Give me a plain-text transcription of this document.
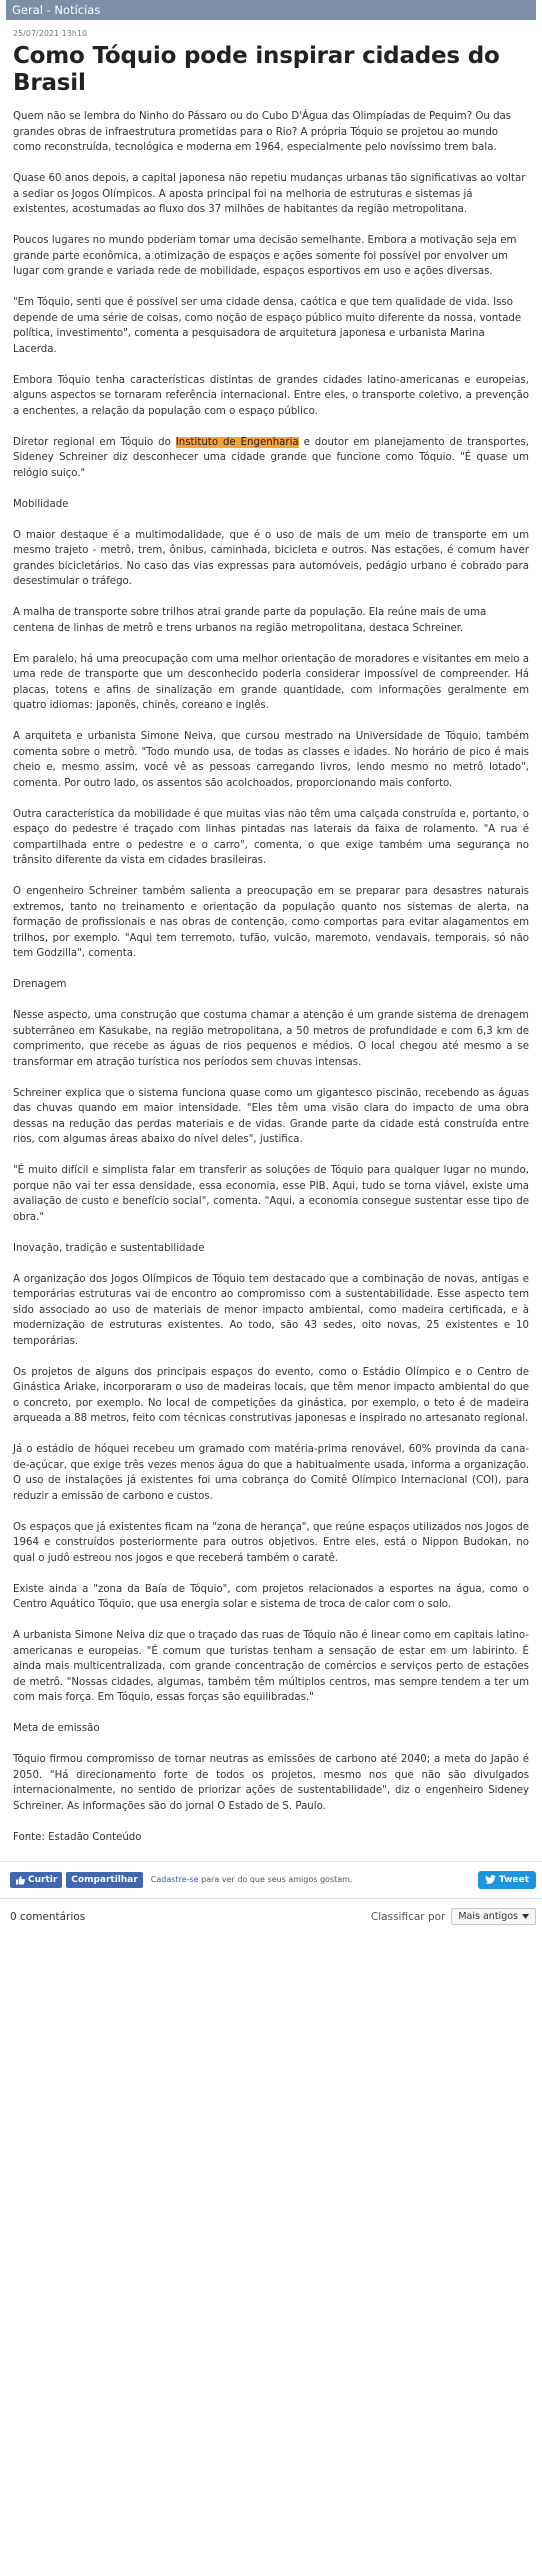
Geral - Notícias
25/07/2021 13h10
Como Tóquio pode inspirar cidades do Brasil

Quem não se lembra do Ninho do Pássaro ou do Cubo D'Água das Olimpíadas de Pequim? Ou das grandes obras de infraestrutura prometidas para o Rio? A própria Tóquio se projetou ao mundo como reconstruída, tecnológica e moderna em 1964, especialmente pelo novíssimo trem bala.

Quase 60 anos depois, a capital japonesa não repetiu mudanças urbanas tão significativas ao voltar a sediar os Jogos Olímpicos. A aposta principal foi na melhoria de estruturas e sistemas já existentes, acostumadas ao fluxo dos 37 milhões de habitantes da região metropolitana.

Poucos lugares no mundo poderiam tomar uma decisão semelhante. Embora a motivação seja em grande parte econômica, a otimização de espaços e ações somente foi possível por envolver um lugar com grande e variada rede de mobilidade, espaços esportivos em uso e ações diversas.

"Em Tóquio, senti que é possível ser uma cidade densa, caótica e que tem qualidade de vida. Isso depende de uma série de coisas, como noção de espaço público muito diferente da nossa, vontade política, investimento", comenta a pesquisadora de arquitetura japonesa e urbanista Marina Lacerda.

Embora Tóquio tenha características distintas de grandes cidades latino-americanas e europeias, alguns aspectos se tornaram referência internacional. Entre eles, o transporte coletivo, a prevenção a enchentes, a relação da população com o espaço público.

Diretor regional em Tóquio do Instituto de Engenharia e doutor em planejamento de transportes, Sideney Schreiner diz desconhecer uma cidade grande que funcione como Tóquio. "É quase um relógio suiço."

Mobilidade

O maior destaque é a multimodalidade, que é o uso de mais de um meio de transporte em um mesmo trajeto - metrô, trem, ônibus, caminhada, bicicleta e outros. Nas estações, é comum haver grandes bicicletários. No caso das vias expressas para automóveis, pedágio urbano é cobrado para desestimular o tráfego.

A malha de transporte sobre trilhos atrai grande parte da população. Ela reúne mais de uma centena de linhas de metrô e trens urbanos na região metropolitana, destaca Schreiner.

Em paralelo, há uma preocupação com uma melhor orientação de moradores e visitantes em meio a uma rede de transporte que um desconhecido poderia considerar impossível de compreender. Há placas, totens e afins de sinalização em grande quantidade, com informações geralmente em quatro idiomas: japonês, chinês, coreano e inglês.

A arquiteta e urbanista Simone Neiva, que cursou mestrado na Universidade de Tóquio, também comenta sobre o metrô. "Todo mundo usa, de todas as classes e idades. No horário de pico é mais cheio e, mesmo assim, você vê as pessoas carregando livros, lendo mesmo no metrô lotado", comenta. Por outro lado, os assentos são acolchoados, proporcionando mais conforto.

Outra característica da mobilidade é que muitas vias não têm uma calçada construída e, portanto, o espaço do pedestre é traçado com linhas pintadas nas laterais da faixa de rolamento. "A rua é compartilhada entre o pedestre e o carro", comenta, o que exige também uma segurança no trânsito diferente da vista em cidades brasileiras.

O engenheiro Schreiner também salienta a preocupação em se preparar para desastres naturais extremos, tanto no treinamento e orientação da população quanto nos sistemas de alerta, na formação de profissionais e nas obras de contenção, como comportas para evitar alagamentos em trilhos, por exemplo. "Aqui tem terremoto, tufão, vulcão, maremoto, vendavais, temporais, só não tem Godzilla", comenta.

Drenagem

Nesse aspecto, uma construção que costuma chamar a atenção é um grande sistema de drenagem subterrâneo em Kasukabe, na região metropolitana, a 50 metros de profundidade e com 6,3 km de comprimento, que recebe as águas de rios pequenos e médios. O local chegou até mesmo a se transformar em atração turística nos períodos sem chuvas intensas.

Schreiner explica que o sistema funciona quase como um gigantesco piscinão, recebendo as águas das chuvas quando em maior intensidade. "Eles têm uma visão clara do impacto de uma obra dessas na redução das perdas materiais e de vidas. Grande parte da cidade está construída entre rios, com algumas áreas abaixo do nível deles", justifica.

"É muito difícil e simplista falar em transferir as soluções de Tóquio para qualquer lugar no mundo, porque não vai ter essa densidade, essa economia, esse PIB. Aqui, tudo se torna viável, existe uma avaliação de custo e benefício social", comenta. "Aqui, a economia consegue sustentar esse tipo de obra."

Inovação, tradição e sustentabilidade

A organização dos Jogos Olímpicos de Tóquio tem destacado que a combinação de novas, antigas e temporárias estruturas vai de encontro ao compromisso com a sustentabilidade. Esse aspecto tem sido associado ao uso de materiais de menor impacto ambiental, como madeira certificada, e à modernização de estruturas existentes. Ao todo, são 43 sedes, oito novas, 25 existentes e 10 temporárias.

Os projetos de alguns dos principais espaços do evento, como o Estádio Olímpico e o Centro de Ginástica Ariake, incorporaram o uso de madeiras locais, que têm menor impacto ambiental do que o concreto, por exemplo. No local de competições da ginástica, por exemplo, o teto é de madeira arqueada a 88 metros, feito com técnicas construtivas japonesas e inspirado no artesanato regional.

Já o estádio de hóquei recebeu um gramado com matéria-prima renovável, 60% provinda da cana-de-açúcar, que exige três vezes menos água do que a habitualmente usada, informa a organização. O uso de instalações já existentes foi uma cobrança do Comitê Olímpico Internacional (COI), para reduzir a emissão de carbono e custos.

Os espaços que já existentes ficam na "zona de herança", que reúne espaços utilizados nos Jogos de 1964 e construídos posteriormente para outros objetivos. Entre eles, está o Nippon Budokan, no qual o judô estreou nos jogos e que receberá também o caratê.

Existe ainda a "zona da Baía de Tóquio", com projetos relacionados a esportes na água, como o Centro Aquático Tóquio, que usa energia solar e sistema de troca de calor com o solo.

A urbanista Simone Neiva diz que o traçado das ruas de Tóquio não é linear como em capitais latino-americanas e europeias. "É comum que turistas tenham a sensação de estar em um labirinto. É ainda mais multicentralizada, com grande concentração de comércios e serviços perto de estações de metrô. "Nossas cidades, algumas, também têm múltiplos centros, mas sempre tendem a ter um com mais força. Em Tóquio, essas forças são equilibradas."

Meta de emissão

Tóquio firmou compromisso de tornar neutras as emissões de carbono até 2040; a meta do Japão é 2050. "Há direcionamento forte de todos os projetos, mesmo nos que não são divulgados internacionalmente, no sentido de priorizar ações de sustentabilidade", diz o engenheiro Sideney Schreiner. As informações são do jornal O Estado de S. Paulo.

Fonte: Estadão Conteúdo

Curtir Compartilhar Cadastre-se para ver do que seus amigos gostam.	Tweet
0 comentários	Classificar por Mais antigos
